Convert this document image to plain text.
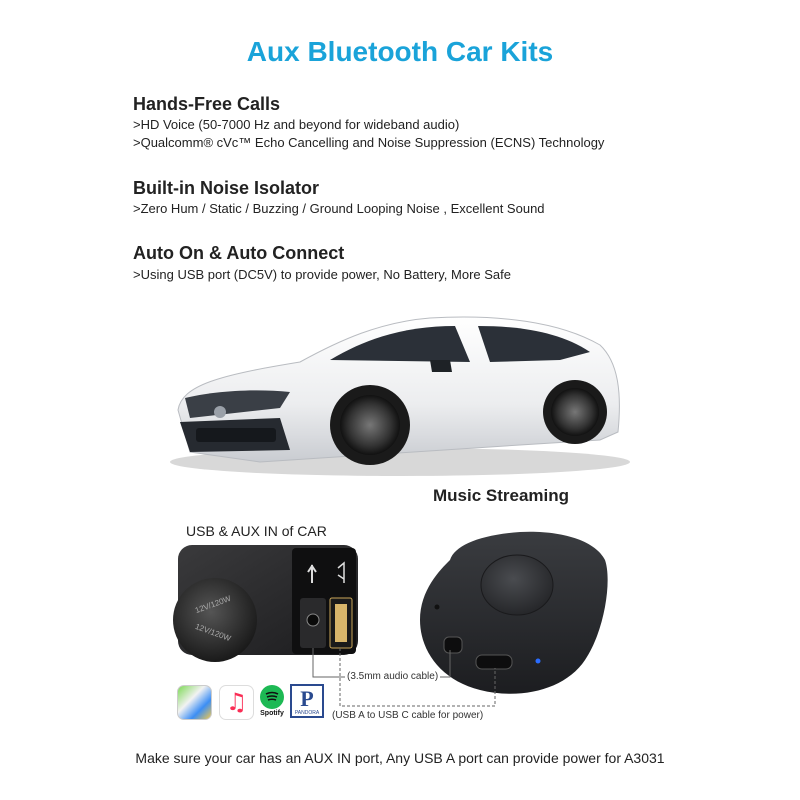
Aux Bluetooth Car Kits
Hands-Free Calls
>HD Voice (50-7000 Hz and beyond for wideband audio)
>Qualcomm® cVc™ Echo Cancelling and Noise Suppression (ECNS) Technology
Built-in Noise Isolator
>Zero Hum / Static / Buzzing / Ground Looping Noise , Excellent Sound
Auto On & Auto Connect
>Using USB port (DC5V) to provide power, No Battery, More Safe
Music Streaming
USB & AUX IN of CAR
12V/120W
12V/120W
(3.5mm audio cable)
(USB A to USB C cable for power)
♫	Spotify
P
PANDORA
Make sure your car has an AUX IN port, Any USB A port can provide power for A3031
